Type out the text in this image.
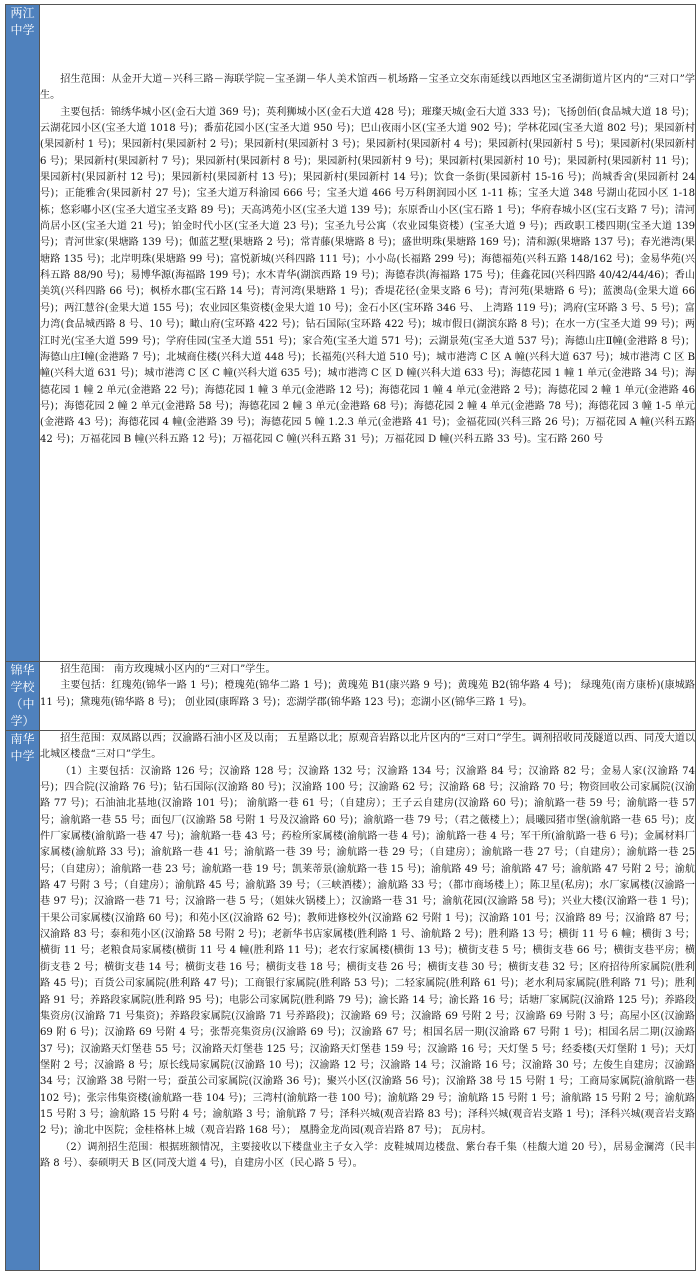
两江中学	招生范围：从金开大道－兴科三路－海联学院－宝圣湖－华人美术馆西－机场路－宝圣立交东南延线以西地区宝圣湖街道片区内的“三对口”学生。

主要包括：锦绣华城小区(金石大道 369 号)；英利狮城小区(金石大道 428 号)；璀璨天城(金石大道 333 号)；飞扬创佰(食品城大道 18 号)；云湖花园小区(宝圣大道 1018 号)；番茄花园小区(宝圣大道 950 号)；巴山夜雨小区(宝圣大道 902 号)；学林花园(宝圣大道 802 号)；果园新村(果园新村 1 号)；果园新村(果园新村 2 号)；果园新村(果园新村 3 号)；果园新村(果园新村 4 号)；果园新村(果园新村 5 号)；果园新村(果园新村 6 号)；果园新村(果园新村 7 号)；果园新村(果园新村 8 号)；果园新村(果园新村 9 号)；果园新村(果园新村 10 号)；果园新村(果园新村 11 号)；果园新村(果园新村 12 号)；果园新村(果园新村 13 号)；果园新村(果园新村 14 号)；饮食一条街(果园新村 15-16 号)；尚城香舍(果园新村 24 号)；正能雅舍(果园新村 27 号)；宝圣大道万科渝园 666 号；宝圣大道 466 号万科朗润园小区 1-11 栋；宝圣大道 348 号湖山花园小区 1-18 栋；悠彩嘟小区(宝圣大道宝圣支路 89 号)；天高鸿苑小区(宝圣大道 139 号)；东原香山小区(宝石路 1 号)；华府春城小区(宝石支路 7 号)；清河尚居小区(宝圣大道 21 号)；铂金时代小区(宝圣大道 23 号)；宝圣九号公寓（农业园集资楼）(宝圣大道 9 号)；西政职工楼四期(宝圣大道 139 号)；青河世家(果塘路 139 号)；伽蓝艺墅(果塘路 2 号)；常青藤(果塘路 8 号)；盛世明珠(果塘路 169 号)；清和源(果塘路 137 号)；春光港湾(果塘路 135 号)；北岸明珠(果塘路 99 号)；富悦新城(兴科四路 111 号)；小小岛(长福路 299 号)；海德福苑(兴科五路 148/162 号)；金易华苑(兴科五路 88/90 号)；易博华源(海福路 199 号)；水木青华(湖滨西路 19 号)；海德春洪(海福路 175 号)；佳鑫花园(兴科四路 40/42/44/46)；香山美筑(兴科四路 66 号)；枫桥水郡(宝石路 14 号)；青河湾(果塘路 1 号)；香堤花径(金果支路 6 号)；青河苑(果塘路 6 号)；蓝澳岛(金果大道 66 号)；两江慧谷(金果大道 155 号)；农业园区集资楼(金果大道 10 号)；金石小区(宝环路 346 号、 上湾路 119 号)；鸿府(宝环路 3 号、5 号)；富力湾(食品城西路 8 号、10 号)；瞰山府(宝环路 422 号)；钻石国际(宝环路 422 号)；城市假日(湖滨东路 8 号)；在水一方(宝圣大道 99 号)；两江时光(宝圣大道 599 号)；学府佳园(宝圣大道 551 号)；家合苑(宝圣大道 571 号)；云湖景苑(宝圣大道 537 号)；海德山庄Ⅱ幢(金港路 8 号)；海德山庄Ⅰ幢(金港路 7 号)；北城商住楼(兴科大道 448 号)；长福苑(兴科大道 510 号)；城市港湾 C 区 A 幢(兴科大道 637 号)；城市港湾 C 区 B 幢(兴科大道 631 号)；城市港湾 C 区 C 幢(兴科大道 635 号)；城市港湾 C 区 D 幢(兴科大道 633 号)；海德花园 1 幢 1 单元(金港路 34 号)；海德花园 1 幢 2 单元(金港路 22 号)；海德花园 1 幢 3 单元(金港路 12 号)；海德花园 1 幢 4 单元(金港路 2 号)；海德花园 2 幢 1 单元(金港路 46 号)；海德花园 2 幢 2 单元(金港路 58 号)；海德花园 2 幢 3 单元(金港路 68 号)；海德花园 2 幢 4 单元(金港路 78 号)；海德花园 3 幢 1-5 单元(金港路 43 号)；海德花园 4 幢(金港路 39 号)；海德花园 5 幢 1.2.3 单元(金港路 41 号)；金福花园(兴科三路 26 号)；万福花园 A 幢(兴科五路 42 号)；万福花园 B 幢(兴科五路 12 号)；万福花园 C 幢(兴科五路 31 号)；万福花园 D 幢(兴科五路 33 号)。宝石路 260 号

锦华学校（中学）	招生范围： 南方玫瑰城小区内的“三对口”学生。

主要包括：红瑰苑(锦华一路 1 号)；橙瑰苑(锦华二路 1 号)；黄瑰苑 B1(康兴路 9 号)；黄瑰苑 B2(锦华路 4 号)； 绿瑰苑(南方康桥)(康城路 11 号)；黛瑰苑(锦华路 8 号)； 创业园(康晖路 3 号)；恋湖学郡(锦华路 123 号)；恋湖小区(锦华三路 1 号)。

南华中学	招生范围：双凤路以西；汉渝路石油小区及以南； 五星路以北；原观音岩路以北片区内的“三对口”学生。调剂招收同茂隧道以西、同茂大道以北城区楼盘“三对口”学生。

（1）主要包括：汉渝路 126 号；汉渝路 128 号；汉渝路 132 号；汉渝路 134 号；汉渝路 84 号；汉渝路 82 号；金易人家(汉渝路 74 号)；四合院(汉渝路 76 号)；钻石国际(汉渝路 80 号)；汉渝路 100 号；汉渝路 62 号；汉渝路 68 号；汉渝路 70 号；物资回收公司家属院(汉渝路 77 号)；石油油北基地(汉渝路 101 号)； 渝航路一巷 61 号；（自建房）；王子云自建房(汉渝路 60 号)；渝航路一巷 59 号；渝航路一巷 57 号；渝航路一巷 55 号；面包厂(汉渝路 58 号附 1 号及汉渝路 60 号)；渝航路一巷 79 号；（君之薇楼上）；晨曦园猪市堡(渝航路一巷 65 号)；皮件厂家属楼(渝航路一巷 47 号)；渝航路一巷 43 号；药检所家属楼(渝航路一巷 4 号)；渝航路一巷 4 号；军干所(渝航路一巷 6 号)；金属材料厂家属楼(渝航路 33 号)；渝航路一巷 41 号；渝航路一巷 39 号；渝航路一巷 29 号；（自建房）；渝航路一巷 27 号；（自建房）；渝航路一巷 25 号；（自建房）；渝航路一巷 23 号；渝航路一巷 19 号；凯莱蒂景(渝航路一巷 15 号)；渝航路 49 号；渝航路 47 号；渝航路 47 号附 2 号；渝航路 47 号附 3 号；（自建房）；渝航路 45 号；渝航路 39 号；（三峡酒楼）；渝航路 33 号；（都市商场楼上）；陈卫星(私房)；水厂家属楼(汉渝路一巷 97 号)；汉渝路一巷 71 号；汉渝路一巷 5 号；（姐妹火锅楼上）；汉渝路一巷 31 号；渝航花园(汉渝路 58 号)；兴业大楼(汉渝路一巷 1 号)；干果公司家属楼(汉渝路 60 号)；和苑小区(汉渝路 62 号)；教师进修校外(汉渝路 62 号附 1 号)；汉渝路 101 号；汉渝路 89 号；汉渝路 87 号；汉渝路 83 号；泰和苑小区(汉渝路 58 号附 2 号)；老新华书店家属楼(胜利路 1 号、渝航路 2 号)；胜利路 13 号；横街 11 号 6 幢；横街 3 号；横街 11 号；老粮食局家属楼(横街 11 号 4 幢(胜利路 11 号)；老农行家属楼(横街 13 号)；横街支巷 5 号；横街支巷 66 号；横街支巷平房；横街支巷 2 号；横街支巷 14 号；横街支巷 16 号；横街支巷 18 号；横街支巷 26 号；横街支巷 30 号；横街支巷 32 号；区府招待所家属院(胜利路 45 号)；百货公司家属院(胜利路 47 号)；工商银行家属院(胜利路 53 号)；二轻家属院(胜利路 61 号)；老水利局家属院(胜利路 71 号)；胜利路 91 号；养路段家属院(胜利路 95 号)；电影公司家属院(胜利路 79 号)；渝长路 14 号；渝长路 16 号；话塘厂家属院(汉渝路 125 号)；养路段集资房(汉渝路 71 号集资)；养路段家属院(汉渝路 71 号养路段)；汉渝路 69 号；汉渝路 69 号附 2 号；汉渝路 69 号附 3 号；高屋小区(汉渝路 69 附 6 号)；汉渝路 69 号附 4 号；张帮亮集资房(汉渝路 69 号)；汉渝路 67 号；相国名居一期(汉渝路 67 号附 1 号)；相国名居二期(汉渝路 37 号)；汉渝路天灯堡巷 55 号；汉渝路天灯堡巷 125 号；汉渝路天灯堡巷 159 号；汉渝路 16 号；天灯堡 5 号；经委楼(天灯堡附 1 号)；天灯堡附 2 号；汉渝路 8 号；原长线局家属院(汉渝路 10 号)；汉渝路 12 号；汉渝路 14 号；汉渝路 16 号；汉渝路 30 号；左俊生自建房；汉渝路 34 号；汉渝路 38 号附一号；蚕茧公司家属院(汉渝路 36 号)；聚兴小区(汉渝路 56 号)；汉渝路 38 号 15 号附 1 号；工商局家属院(渝航路一巷 102 号)；张宗伟集资楼(渝航路一巷 104 号)；三湾村(渝航路一巷 100 号)；渝航路 29 号；渝航路 15 号附 1 号；渝航路 15 号附 2 号；渝航路 15 号附 3 号；渝航路 15 号附 4 号；渝航路 3 号；渝航路 7 号；泽科兴城(观音岩路 83 号)；泽科兴城(观音岩支路 1 号)；泽科兴城(观音岩支路 2 号)；渝北中医院；金桂格林上城（观音岩路 168 号）； 凰腾金龙尚园(观音岩路 87 号)； 瓦房村。

（2）调剂招生范围：根据班额情况，主要接收以下楼盘业主子女入学：皮鞋城周边楼盘、紫台春千集（桂馥大道 20 号），居易金澜湾（民丰路 8 号）、泰硕明天 B 区(同茂大道 4 号)，自建房小区（民心路 5 号）。
